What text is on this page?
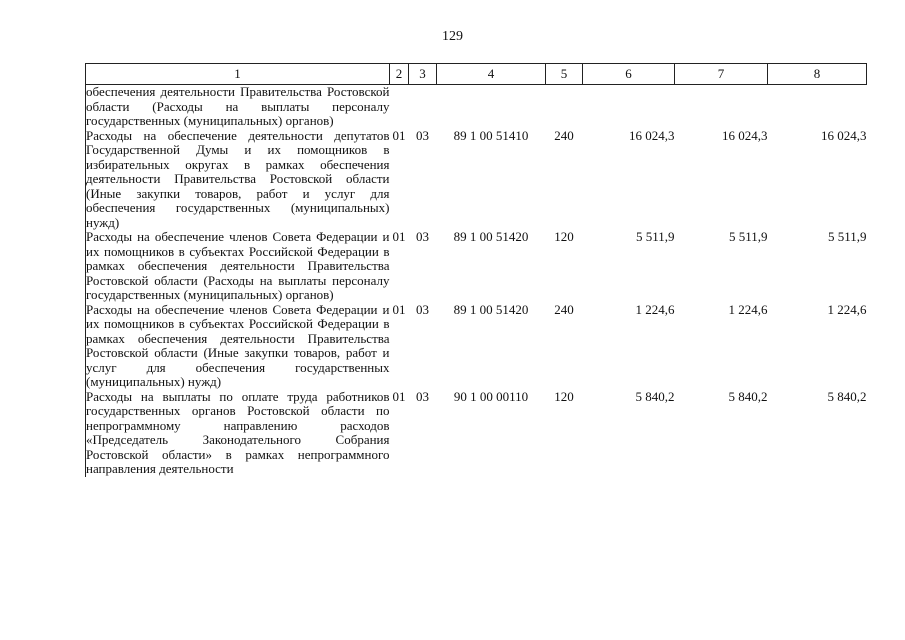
129
1	2	3	4	5	6	7	8
обеспечения деятельности Правительства Ростовской области (Расходы на выплаты персоналу государственных (муниципальных) органов)							
Расходы на обеспечение деятельности депутатов Государственной Думы и их помощников в избирательных округах в рамках обеспечения деятельности Правительства Ростовской области (Иные закупки товаров, работ и услуг для обеспечения государственных (муниципальных) нужд)	01	03	89 1 00 51410	240	16 024,3	16 024,3	16 024,3
Расходы на обеспечение членов Совета Федерации и их помощников в субъектах Российской Федерации в рамках обеспечения деятельности Правительства Ростовской области (Расходы на выплаты персоналу государственных (муниципальных) органов)	01	03	89 1 00 51420	120	5 511,9	5 511,9	5 511,9
Расходы на обеспечение членов Совета Федерации и их помощников в субъектах Российской Федерации в рамках обеспечения деятельности Правительства Ростовской области (Иные закупки товаров, работ и услуг для обеспечения государственных (муниципальных) нужд)	01	03	89 1 00 51420	240	1 224,6	1 224,6	1 224,6
Расходы на выплаты по оплате труда работников государственных органов Ростовской области по непрограммному направлению расходов «Председатель Законодательного Собрания Ростовской области» в рамках непрограммного направления деятельности	01	03	90 1 00 00110	120	5 840,2	5 840,2	5 840,2
